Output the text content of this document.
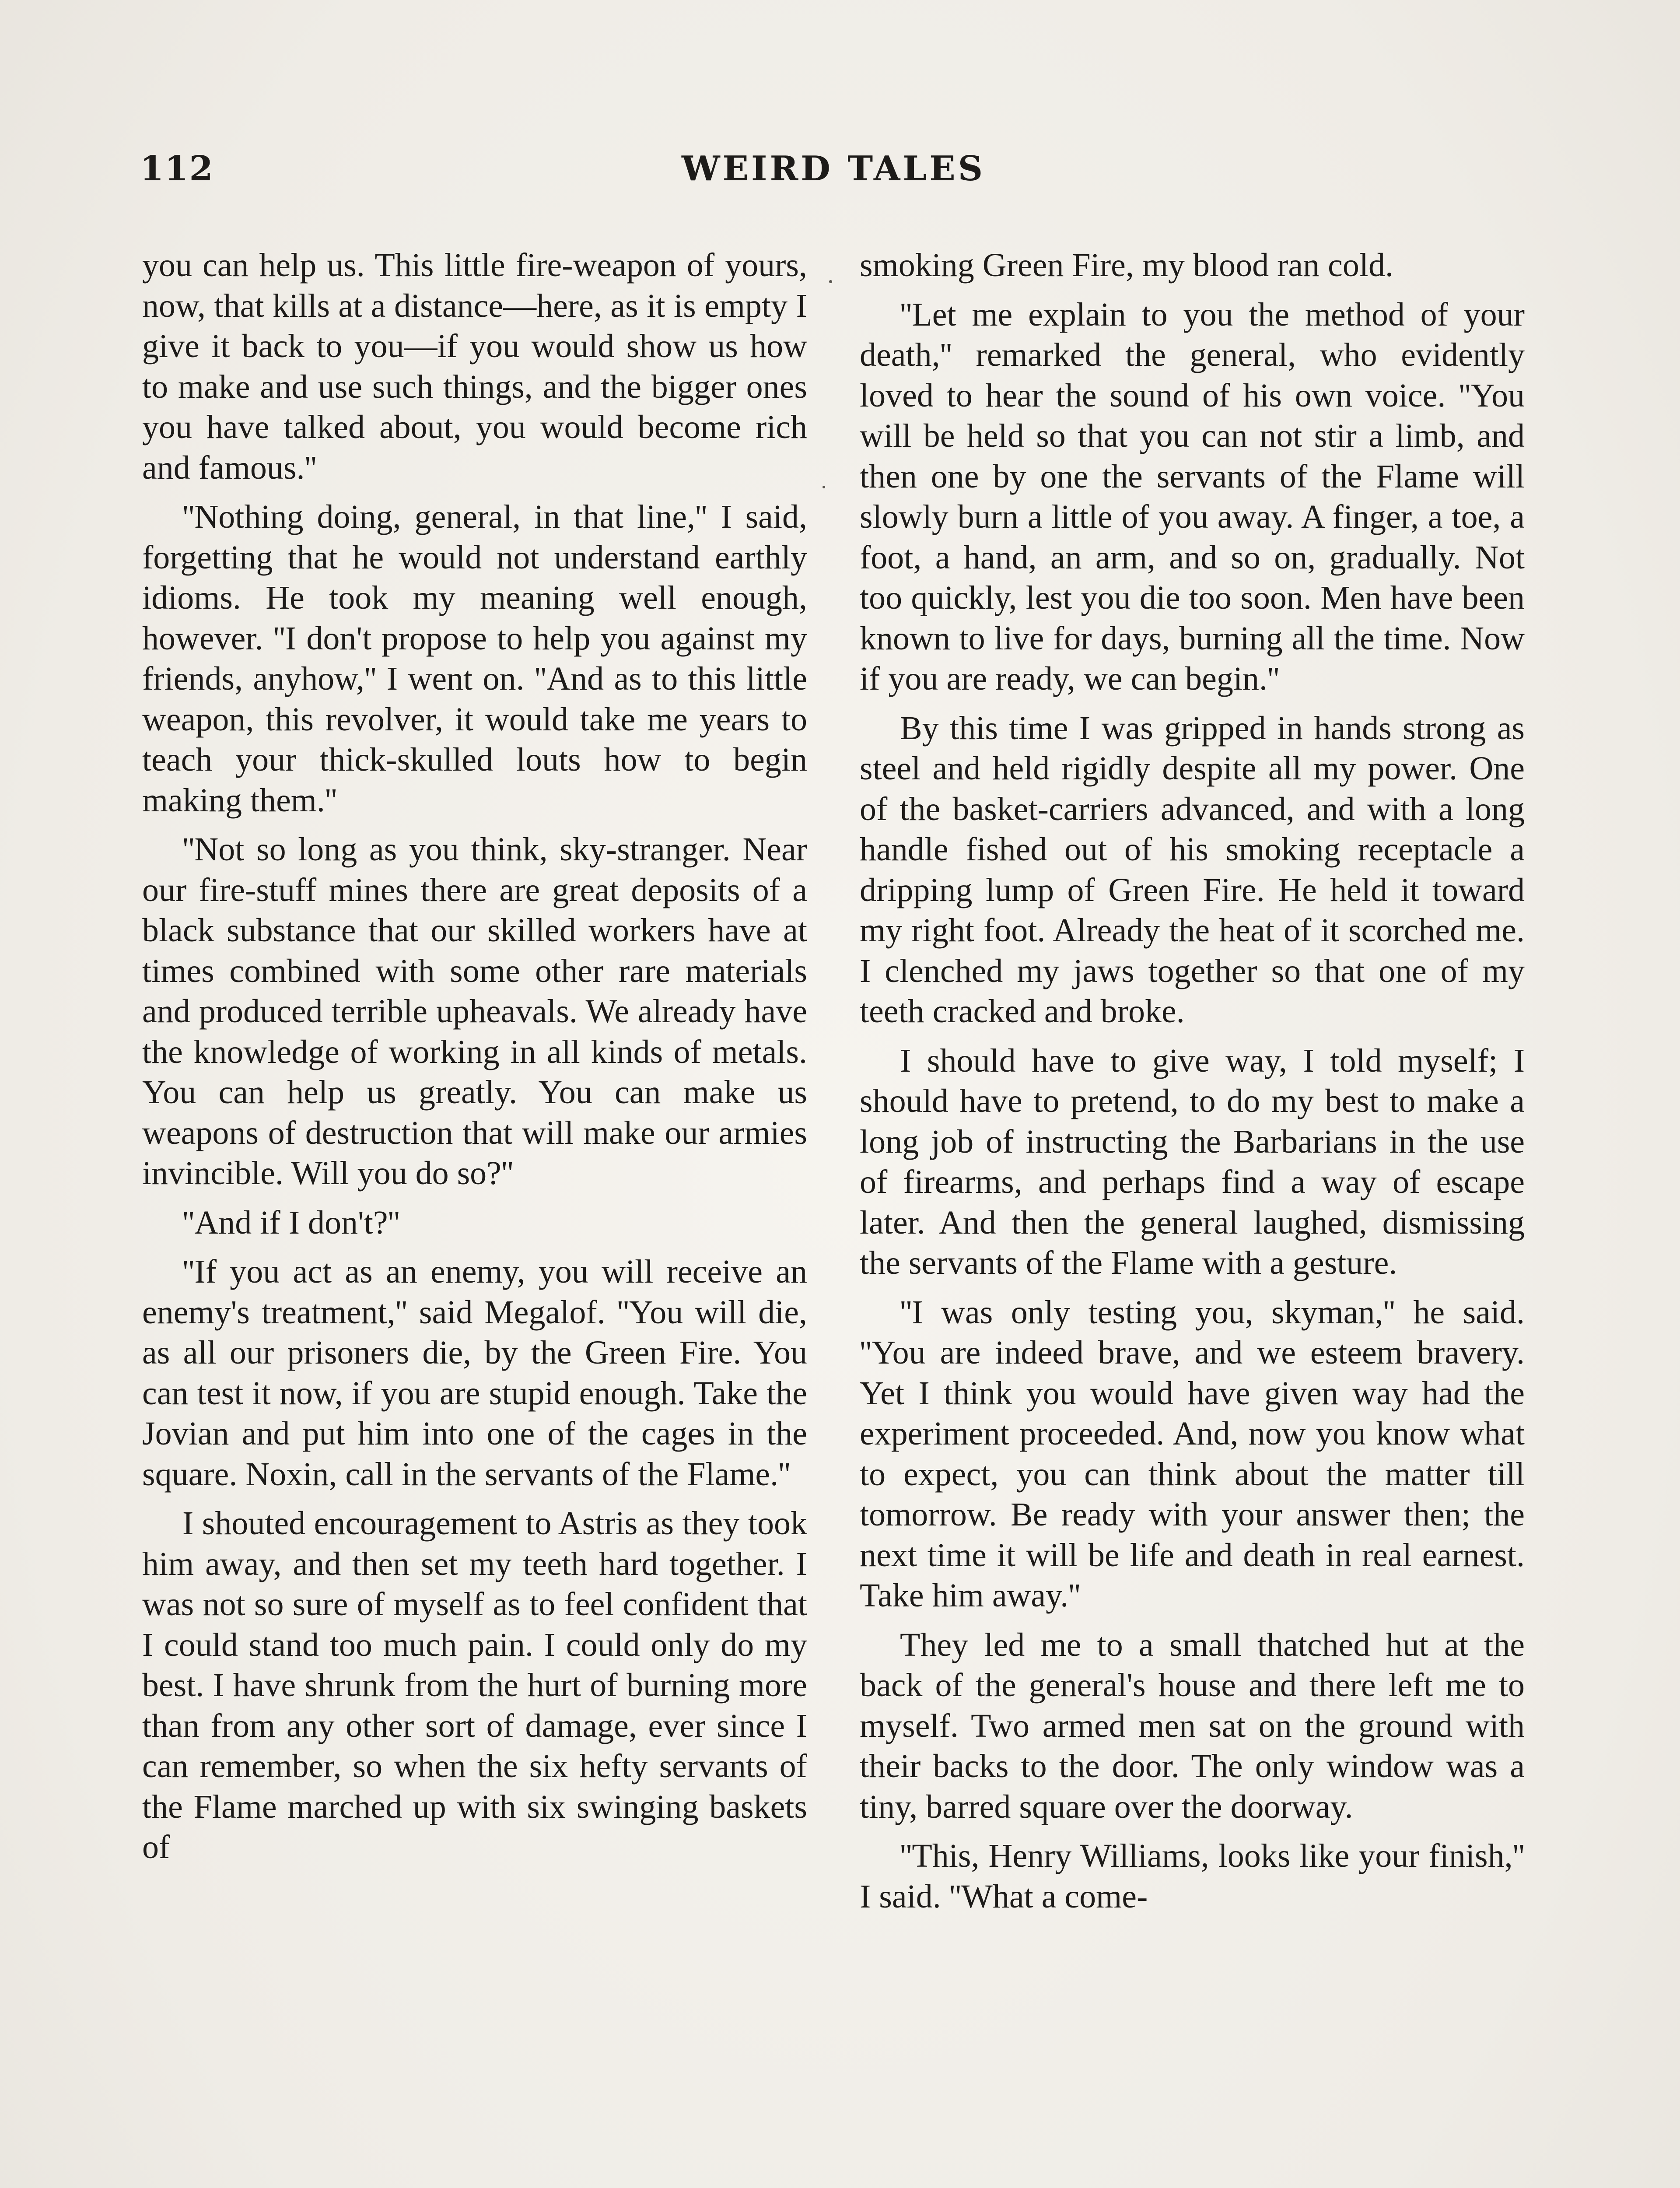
112	WEIRD TALES

you can help us. This little fire-weapon of yours, now, that kills at a distance—here, as it is empty I give it back to you—if you would show us how to make and use such things, and the bigger ones you have talked about, you would become rich and famous.''

''Nothing doing, general, in that line,'' I said, forgetting that he would not understand earthly idioms. He took my meaning well enough, however. ''I don't propose to help you against my friends, anyhow,'' I went on. ''And as to this little weapon, this revolver, it would take me years to teach your thick-skulled louts how to begin making them.''

''Not so long as you think, sky-stranger. Near our fire-stuff mines there are great deposits of a black substance that our skilled workers have at times combined with some other rare materials and produced terrible upheavals. We already have the knowledge of working in all kinds of metals. You can help us greatly. You can make us weapons of destruction that will make our armies invincible. Will you do so?''

''And if I don't?''

''If you act as an enemy, you will receive an enemy's treatment,'' said Megalof. ''You will die, as all our prisoners die, by the Green Fire. You can test it now, if you are stupid enough. Take the Jovian and put him into one of the cages in the square. Noxin, call in the servants of the Flame.''

I shouted encouragement to Astris as they took him away, and then set my teeth hard together. I was not so sure of myself as to feel confident that I could stand too much pain. I could only do my best. I have shrunk from the hurt of burning more than from any other sort of damage, ever since I can remember, so when the six hefty servants of the Flame marched up with six swinging baskets of

smoking Green Fire, my blood ran cold.

''Let me explain to you the method of your death,'' remarked the general, who evidently loved to hear the sound of his own voice. ''You will be held so that you can not stir a limb, and then one by one the servants of the Flame will slowly burn a little of you away. A finger, a toe, a foot, a hand, an arm, and so on, gradually. Not too quickly, lest you die too soon. Men have been known to live for days, burning all the time. Now if you are ready, we can begin.''

By this time I was gripped in hands strong as steel and held rigidly despite all my power. One of the basket-carriers advanced, and with a long handle fished out of his smoking receptacle a dripping lump of Green Fire. He held it toward my right foot. Already the heat of it scorched me. I clenched my jaws together so that one of my teeth cracked and broke.

I should have to give way, I told myself; I should have to pretend, to do my best to make a long job of instructing the Barbarians in the use of firearms, and perhaps find a way of escape later. And then the general laughed, dismissing the servants of the Flame with a gesture.

''I was only testing you, skyman,'' he said. ''You are indeed brave, and we esteem bravery. Yet I think you would have given way had the experiment proceeded. And, now you know what to expect, you can think about the matter till tomorrow. Be ready with your answer then; the next time it will be life and death in real earnest. Take him away.''

They led me to a small thatched hut at the back of the general's house and there left me to myself. Two armed men sat on the ground with their backs to the door. The only window was a tiny, barred square over the doorway.

''This, Henry Williams, looks like your finish,'' I said. ''What a come-
